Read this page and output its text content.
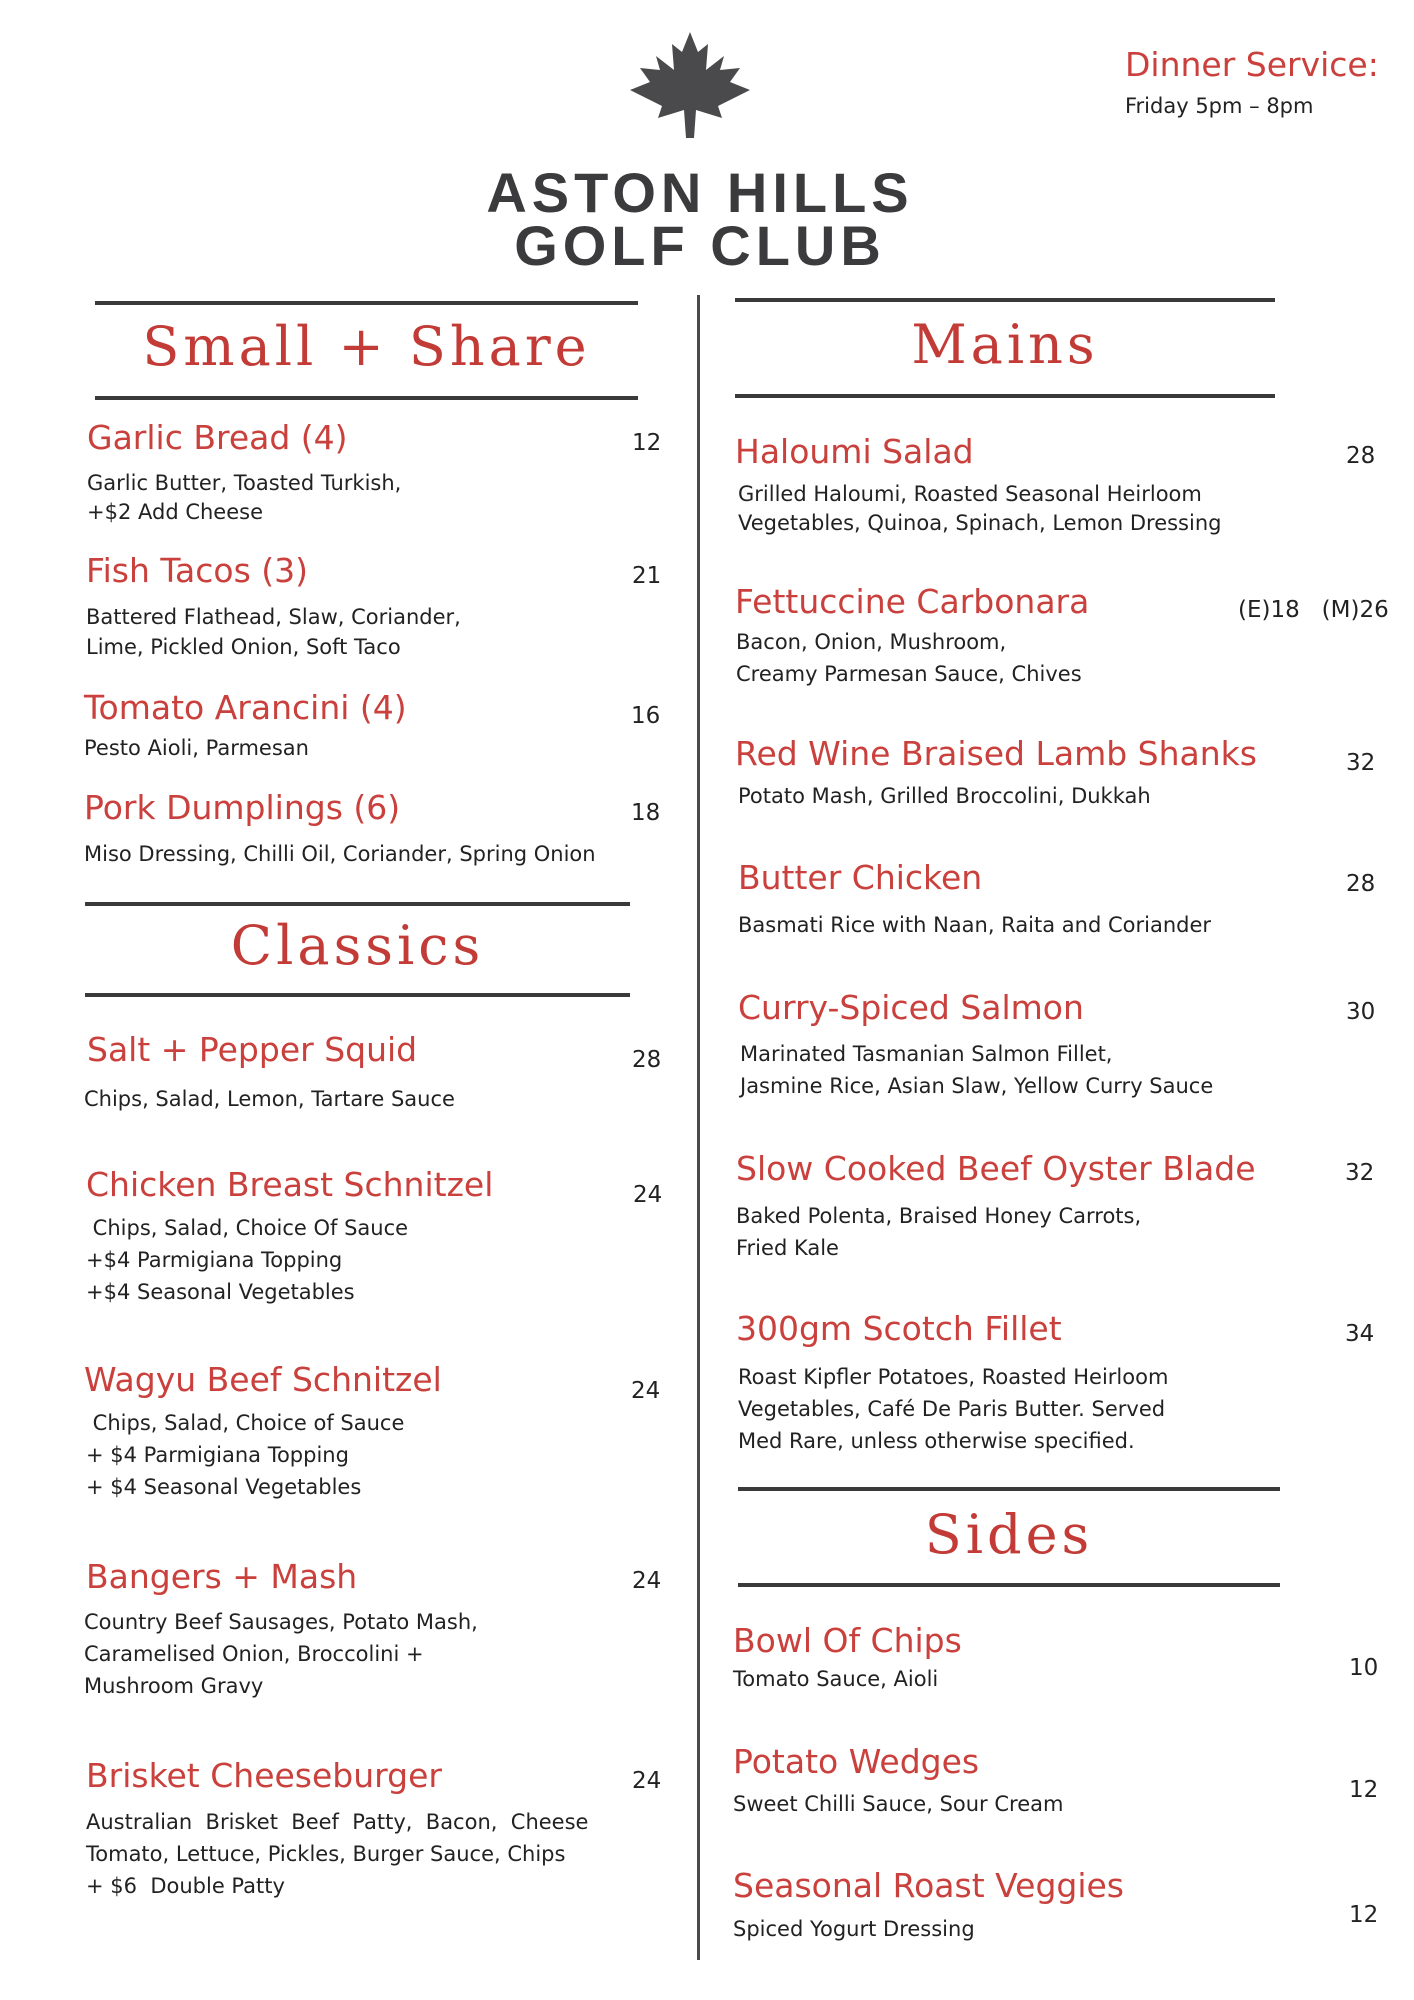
ASTON HILLS
GOLF CLUB
Dinner Service:
Friday 5pm – 8pm
Small + Share
Garlic Bread (4)	12
Garlic Butter, Toasted Turkish,
+$2 Add Cheese
Fish Tacos (3)	21
Battered Flathead, Slaw, Coriander,
Lime, Pickled Onion, Soft Taco
Tomato Arancini (4)	16
Pesto Aioli, Parmesan
Pork Dumplings (6)	18
Miso Dressing, Chilli Oil, Coriander, Spring Onion
Classics
Salt + Pepper Squid	28
Chips, Salad, Lemon, Tartare Sauce
Chicken Breast Schnitzel	24
Chips, Salad, Choice Of Sauce
+$4 Parmigiana Topping
+$4 Seasonal Vegetables
Wagyu Beef Schnitzel	24
Chips, Salad, Choice of Sauce
+ $4 Parmigiana Topping
+ $4 Seasonal Vegetables
Bangers + Mash	24
Country Beef Sausages, Potato Mash,
Caramelised Onion, Broccolini +
Mushroom Gravy
Brisket Cheeseburger	24
Australian  Brisket  Beef  Patty,  Bacon,  Cheese
Tomato, Lettuce, Pickles, Burger Sauce, Chips
+ $6  Double Patty
Mains
Haloumi Salad	28
Grilled Haloumi, Roasted Seasonal Heirloom
Vegetables, Quinoa, Spinach, Lemon Dressing
Fettuccine Carbonara	(E)18   (M)26
Bacon, Onion, Mushroom,
Creamy Parmesan Sauce, Chives
Red Wine Braised Lamb Shanks	32
Potato Mash, Grilled Broccolini, Dukkah
Butter Chicken	28
Basmati Rice with Naan, Raita and Coriander
Curry-Spiced Salmon	30
Marinated Tasmanian Salmon Fillet,
Jasmine Rice, Asian Slaw, Yellow Curry Sauce
Slow Cooked Beef Oyster Blade	32
Baked Polenta, Braised Honey Carrots,
Fried Kale
300gm Scotch Fillet	34
Roast Kipfler Potatoes, Roasted Heirloom
Vegetables, Café De Paris Butter. Served
Med Rare, unless otherwise specified.
Sides
Bowl Of Chips
10
Tomato Sauce, Aioli
Potato Wedges
12
Sweet Chilli Sauce, Sour Cream
Seasonal Roast Veggies
12
Spiced Yogurt Dressing
